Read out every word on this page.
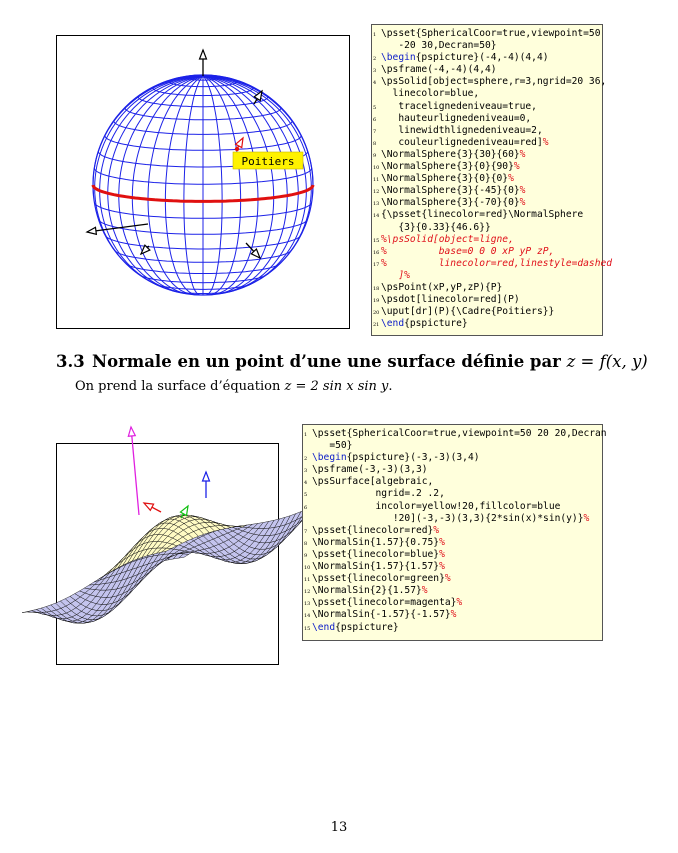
Poitiers
1 \psset{SphericalCoor=true,viewpoint=50
-20 30,Decran=50}
2 \begin{pspicture}(-4,-4)(4,4)
3 \psframe(-4,-4)(4,4)
4 \psSolid[object=sphere,r=3,ngrid=20 36,
linecolor=blue,
5 tracelignedeniveau=true,
6 hauteurlignedeniveau=0,
7 linewidthlignedeniveau=2,
8 couleurlignedeniveau=red]%
9 \NormalSphere{3}{30}{60}%
10 \NormalSphere{3}{0}{90}%
11 \NormalSphere{3}{0}{0}%
12 \NormalSphere{3}{-45}{0}%
13 \NormalSphere{3}{-70}{0}%
14 {\psset{linecolor=red}\NormalSphere
{3}{0.33}{46.6}}
15 %\psSolid[object=ligne,
16 %         base=0 0 0 xP yP zP,
17 %         linecolor=red,linestyle=dashed
]%
18 \psPoint(xP,yP,zP){P}
19 \psdot[linecolor=red](P)
20 \uput[dr](P){\Cadre{Poitiers}}
21 \end{pspicture}
3.3 Normale en un point d’une une surface définie par z = f(x, y)
On prend la surface d’équation z = 2 sin x sin y.
1 \psset{SphericalCoor=true,viewpoint=50 20 20,Decran
=50}
2 \begin{pspicture}(-3,-3)(3,4)
3 \psframe(-3,-3)(3,3)
4 \psSurface[algebraic,
5 ngrid=.2 .2,
6 incolor=yellow!20,fillcolor=blue
!20](-3,-3)(3,3){2*sin(x)*sin(y)}%
7 \psset{linecolor=red}%
8 \NormalSin{1.57}{0.75}%
9 \psset{linecolor=blue}%
10 \NormalSin{1.57}{1.57}%
11 \psset{linecolor=green}%
12 \NormalSin{2}{1.57}%
13 \psset{linecolor=magenta}%
14 \NormalSin{-1.57}{-1.57}%
15 \end{pspicture}
13
